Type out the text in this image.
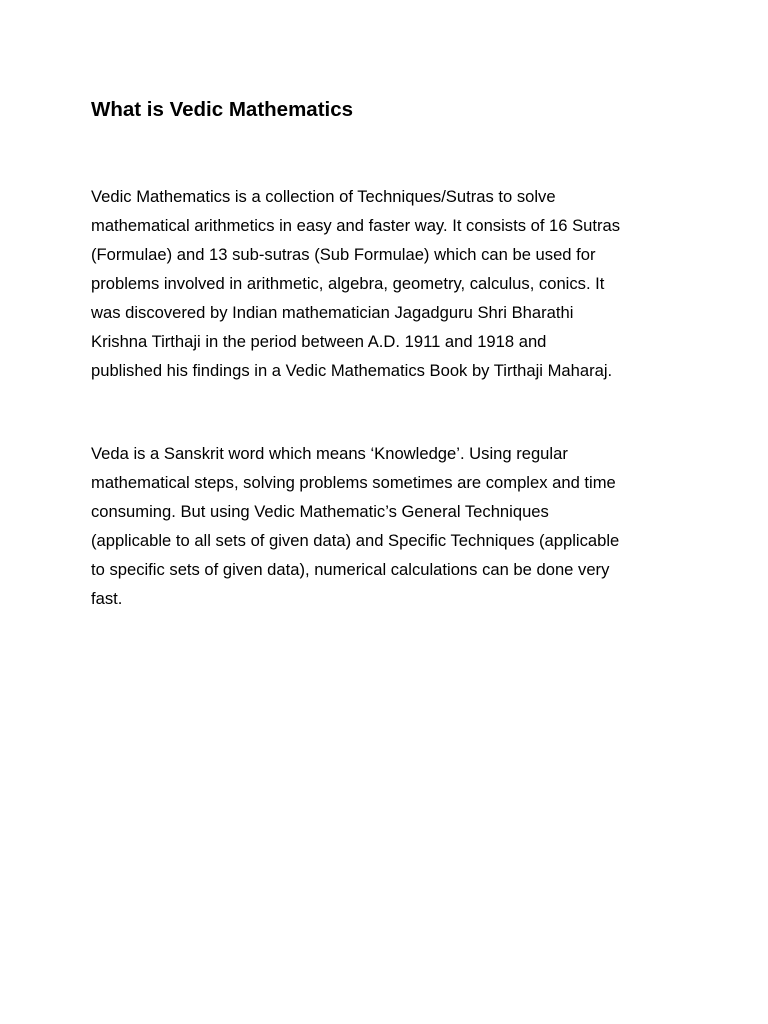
What is Vedic Mathematics

Vedic Mathematics is a collection of Techniques/Sutras to solve
mathematical arithmetics in easy and faster way. It consists of 16 Sutras
(Formulae) and 13 sub-sutras (Sub Formulae) which can be used for
problems involved in arithmetic, algebra, geometry, calculus, conics. It
was discovered by Indian mathematician Jagadguru Shri Bharathi
Krishna Tirthaji in the period between A.D. 1911 and 1918 and
published his findings in a Vedic Mathematics Book by Tirthaji Maharaj.

Veda is a Sanskrit word which means ‘Knowledge’. Using regular
mathematical steps, solving problems sometimes are complex and time
consuming. But using Vedic Mathematic’s General Techniques
(applicable to all sets of given data) and Specific Techniques (applicable
to specific sets of given data), numerical calculations can be done very
fast.
